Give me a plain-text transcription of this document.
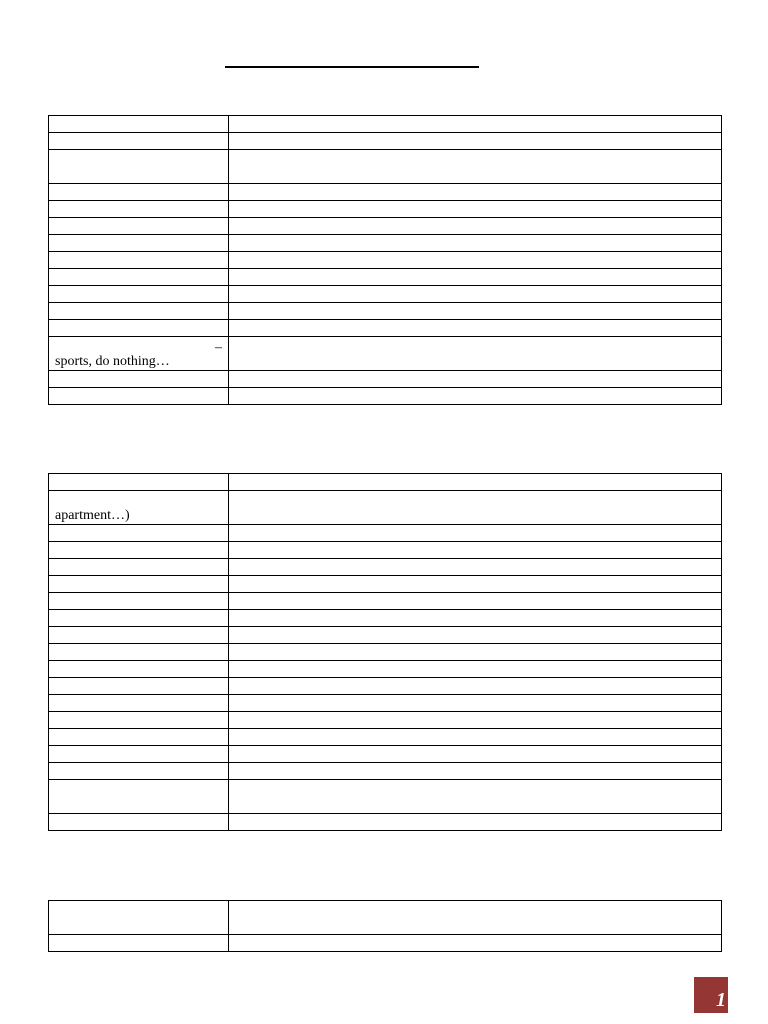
–
sports, do nothing…	

apartment…)	

1
